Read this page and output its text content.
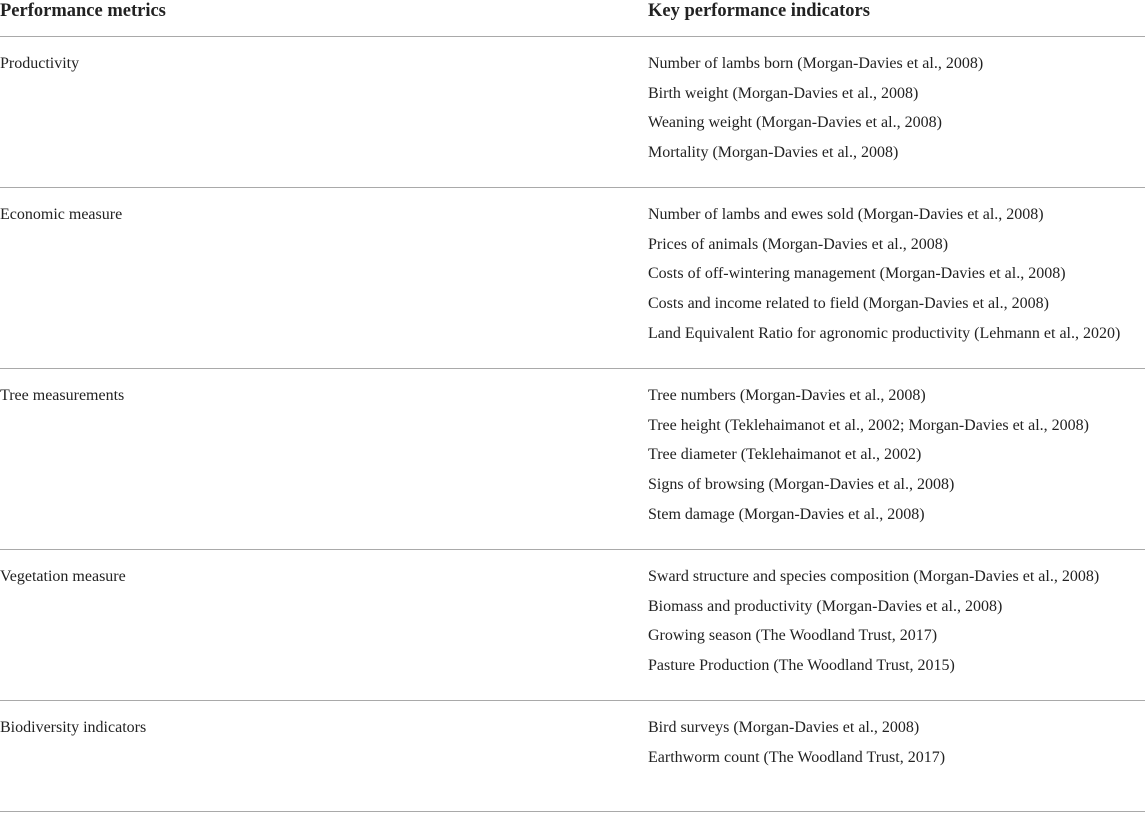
Performance metrics	Key performance indicators
Productivity	Number of lambs born (Morgan-Davies et al., 2008)
Birth weight (Morgan-Davies et al., 2008)
Weaning weight (Morgan-Davies et al., 2008)
Mortality (Morgan-Davies et al., 2008)
Economic measure	Number of lambs and ewes sold (Morgan-Davies et al., 2008)
Prices of animals (Morgan-Davies et al., 2008)
Costs of off-wintering management (Morgan-Davies et al., 2008)
Costs and income related to field (Morgan-Davies et al., 2008)
Land Equivalent Ratio for agronomic productivity (Lehmann et al., 2020)
Tree measurements	Tree numbers (Morgan-Davies et al., 2008)
Tree height (Teklehaimanot et al., 2002; Morgan-Davies et al., 2008)
Tree diameter (Teklehaimanot et al., 2002)
Signs of browsing (Morgan-Davies et al., 2008)
Stem damage (Morgan-Davies et al., 2008)
Vegetation measure	Sward structure and species composition (Morgan-Davies et al., 2008)
Biomass and productivity (Morgan-Davies et al., 2008)
Growing season (The Woodland Trust, 2017)
Pasture Production (The Woodland Trust, 2015)
Biodiversity indicators	Bird surveys (Morgan-Davies et al., 2008)
Earthworm count (The Woodland Trust, 2017)
